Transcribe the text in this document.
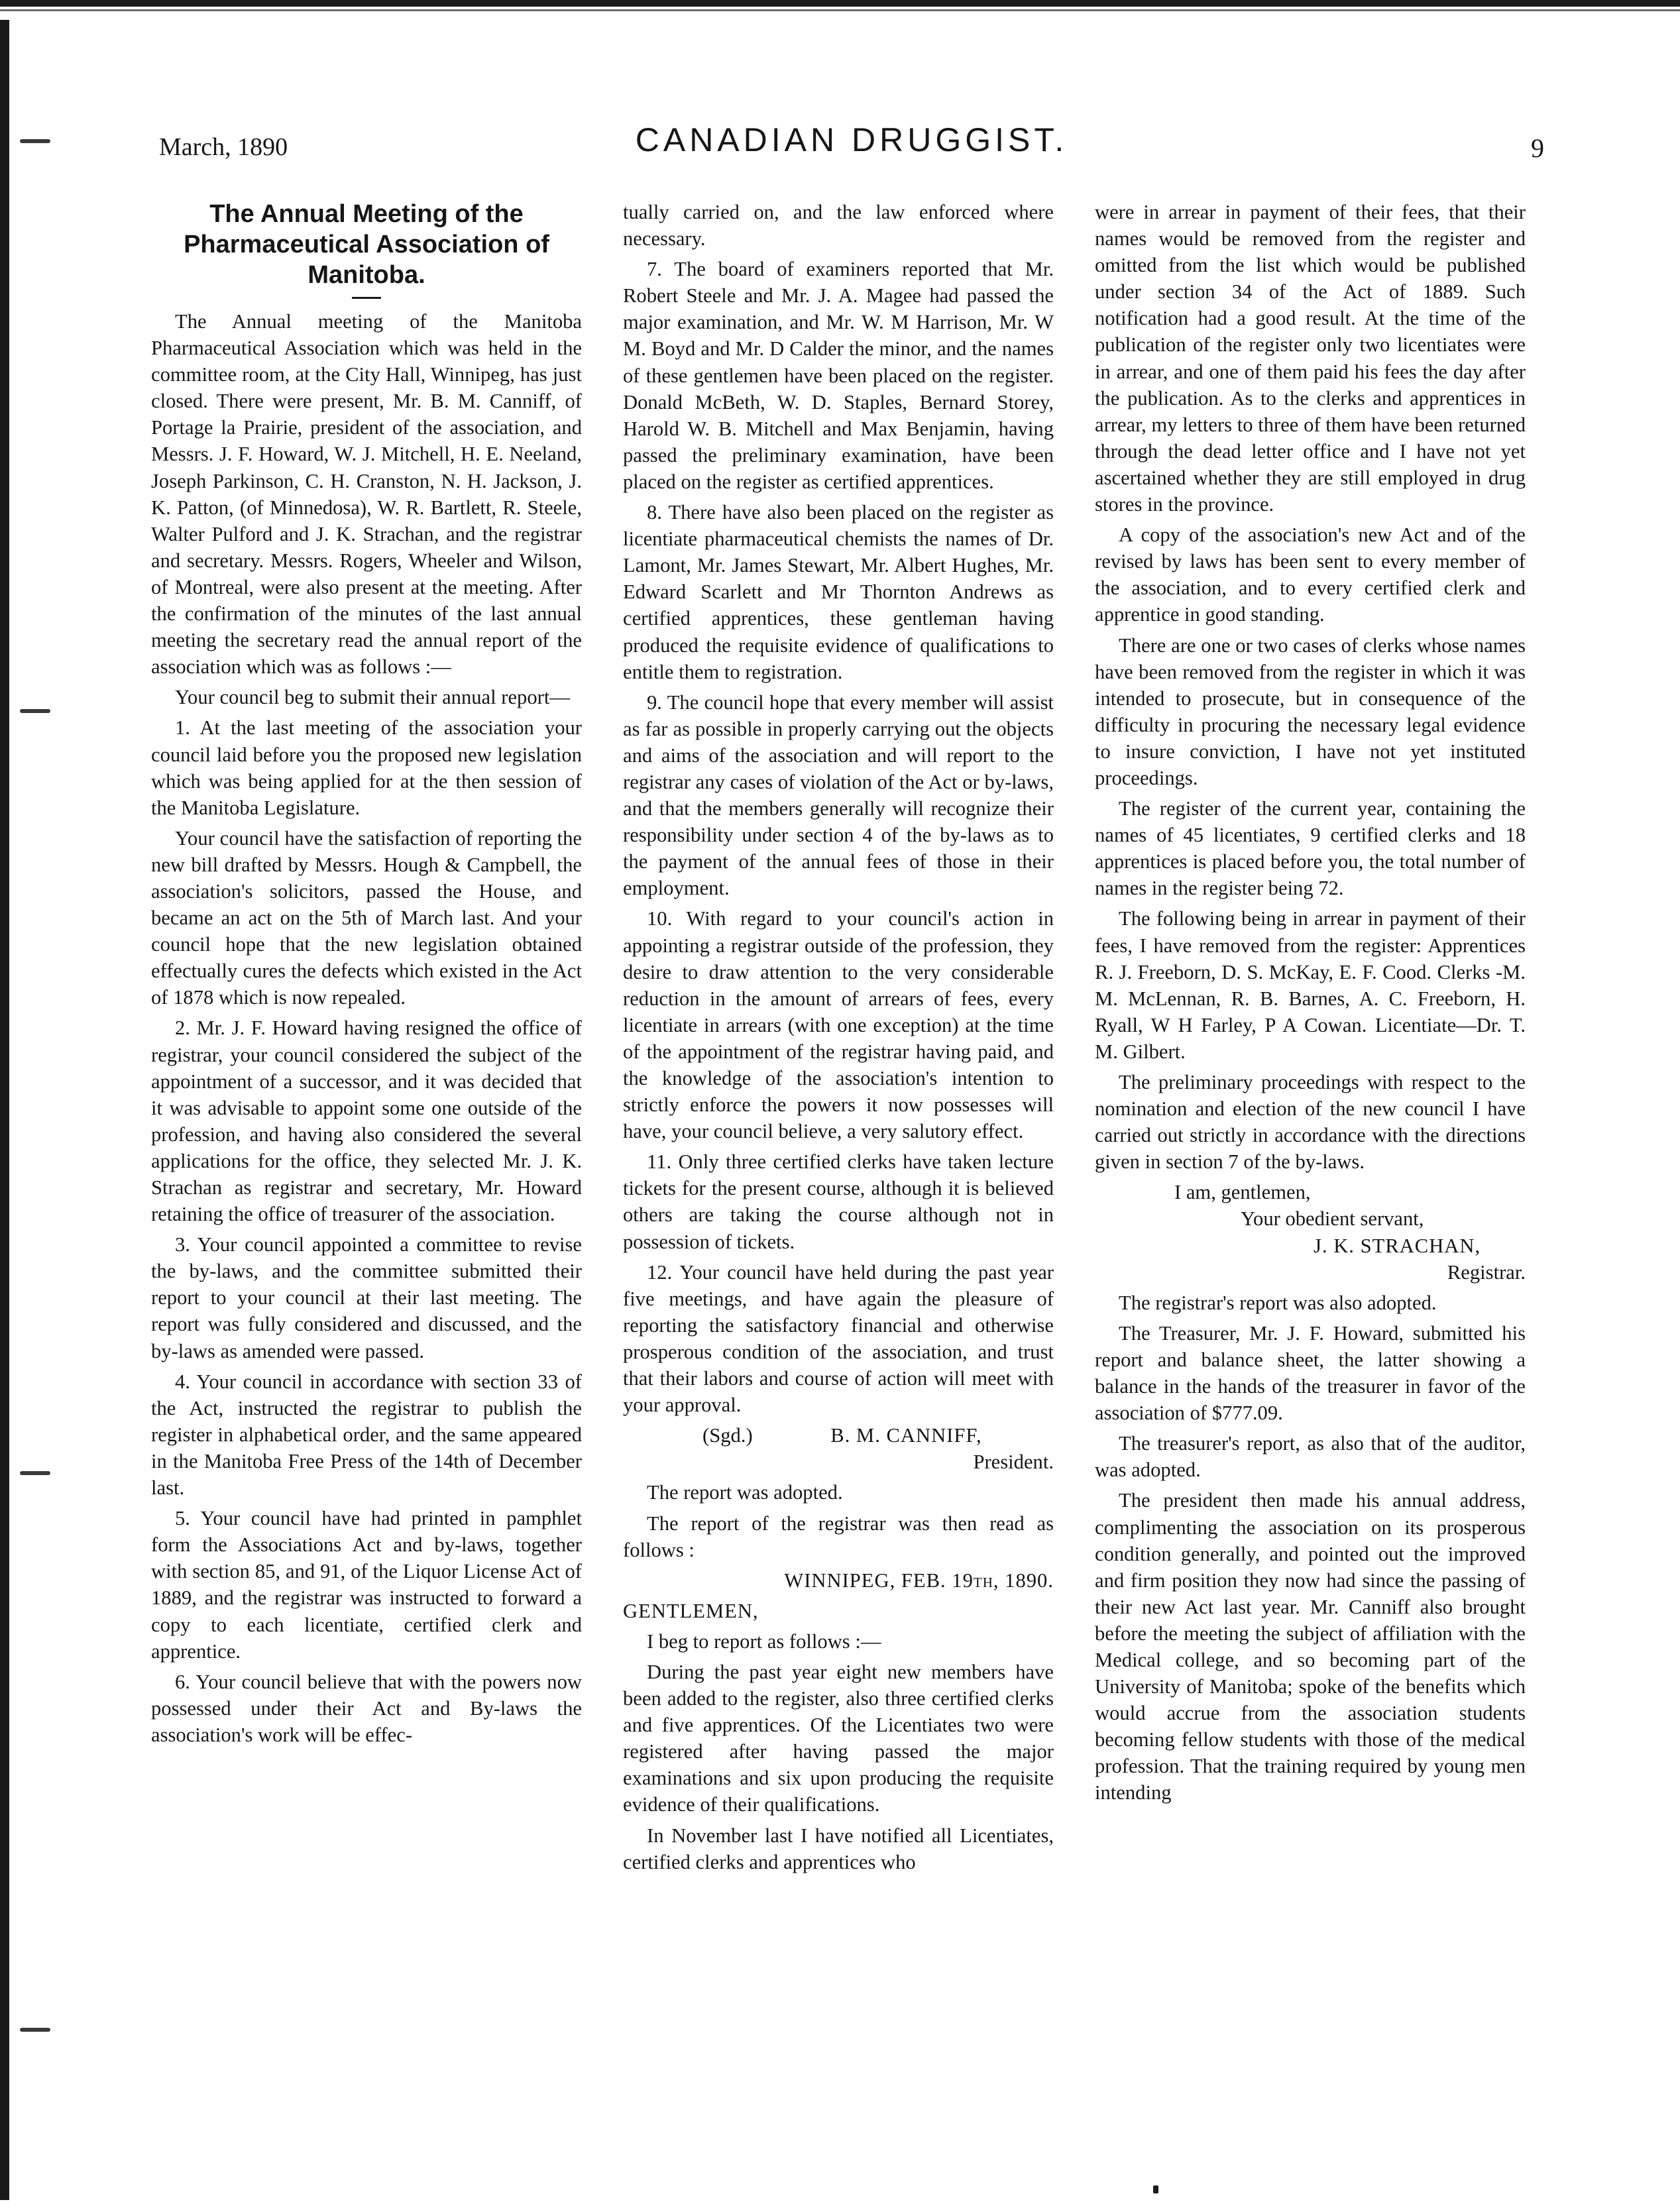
March, 1890	CANADIAN DRUGGIST.	9
The Annual Meeting of the Pharmaceutical Association of Manitoba.

The Annual meeting of the Manitoba Pharmaceutical Association which was held in the committee room, at the City Hall, Winnipeg, has just closed. There were present, Mr. B. M. Canniff, of Portage la Prairie, president of the association, and Messrs. J. F. Howard, W. J. Mitchell, H. E. Neeland, Joseph Parkinson, C. H. Cranston, N. H. Jackson, J. K. Patton, (of Minnedosa), W. R. Bartlett, R. Steele, Walter Pulford and J. K. Strachan, and the registrar and secretary. Messrs. Rogers, Wheeler and Wilson, of Montreal, were also present at the meeting. After the confirmation of the minutes of the last annual meeting the secretary read the annual report of the association which was as follows :—

Your council beg to submit their annual report—

1. At the last meeting of the association your council laid before you the proposed new legislation which was being applied for at the then session of the Manitoba Legislature.

Your council have the satisfaction of reporting the new bill drafted by Messrs. Hough & Campbell, the association's solicitors, passed the House, and became an act on the 5th of March last. And your council hope that the new legislation obtained effectually cures the defects which existed in the Act of 1878 which is now repealed.

2. Mr. J. F. Howard having resigned the office of registrar, your council considered the subject of the appointment of a successor, and it was decided that it was advisable to appoint some one outside of the profession, and having also considered the several applications for the office, they selected Mr. J. K. Strachan as registrar and secretary, Mr. Howard retaining the office of treasurer of the association.

3. Your council appointed a committee to revise the by-laws, and the committee submitted their report to your council at their last meeting. The report was fully considered and discussed, and the by-laws as amended were passed.

4. Your council in accordance with section 33 of the Act, instructed the registrar to publish the register in alphabetical order, and the same appeared in the Manitoba Free Press of the 14th of December last.

5. Your council have had printed in pamphlet form the Associations Act and by-laws, together with section 85, and 91, of the Liquor License Act of 1889, and the registrar was instructed to forward a copy to each licentiate, certified clerk and apprentice.

6. Your council believe that with the powers now possessed under their Act and By-laws the association's work will be effec-

tually carried on, and the law enforced where necessary.

7. The board of examiners reported that Mr. Robert Steele and Mr. J. A. Magee had passed the major examination, and Mr. W. M Harrison, Mr. W M. Boyd and Mr. D Calder the minor, and the names of these gentlemen have been placed on the register. Donald McBeth, W. D. Staples, Bernard Storey, Harold W. B. Mitchell and Max Benjamin, having passed the preliminary examination, have been placed on the register as certified apprentices.

8. There have also been placed on the register as licentiate pharmaceutical chemists the names of Dr. Lamont, Mr. James Stewart, Mr. Albert Hughes, Mr. Edward Scarlett and Mr Thornton Andrews as certified apprentices, these gentleman having produced the requisite evidence of qualifications to entitle them to registration.

9. The council hope that every member will assist as far as possible in properly carrying out the objects and aims of the association and will report to the registrar any cases of violation of the Act or by-laws, and that the members generally will recognize their responsibility under section 4 of the by-laws as to the payment of the annual fees of those in their employment.

10. With regard to your council's action in appointing a registrar outside of the profession, they desire to draw attention to the very considerable reduction in the amount of arrears of fees, every licentiate in arrears (with one exception) at the time of the appointment of the registrar having paid, and the knowledge of the association's intention to strictly enforce the powers it now possesses will have, your council believe, a very salutory effect.

11. Only three certified clerks have taken lecture tickets for the present course, although it is believed others are taking the course although not in possession of tickets.

12. Your council have held during the past year five meetings, and have again the pleasure of reporting the satisfactory financial and otherwise prosperous condition of the association, and trust that their labors and course of action will meet with your approval.

(Sgd.)	B. M. CANNIFF,

President.

The report was adopted.

The report of the registrar was then read as follows :

WINNIPEG, FEB. 19th, 1890.

GENTLEMEN,

I beg to report as follows :—

During the past year eight new members have been added to the register, also three certified clerks and five apprentices. Of the Licentiates two were registered after having passed the major examinations and six upon producing the requisite evidence of their qualifications.

In November last I have notified all Licentiates, certified clerks and apprentices who

were in arrear in payment of their fees, that their names would be removed from the register and omitted from the list which would be published under section 34 of the Act of 1889. Such notification had a good result. At the time of the publication of the register only two licentiates were in arrear, and one of them paid his fees the day after the publication. As to the clerks and apprentices in arrear, my letters to three of them have been returned through the dead letter office and I have not yet ascertained whether they are still employed in drug stores in the province.

A copy of the association's new Act and of the revised by laws has been sent to every member of the association, and to every certified clerk and apprentice in good standing.

There are one or two cases of clerks whose names have been removed from the register in which it was intended to prosecute, but in consequence of the difficulty in procuring the necessary legal evidence to insure conviction, I have not yet instituted proceedings.

The register of the current year, containing the names of 45 licentiates, 9 certified clerks and 18 apprentices is placed before you, the total number of names in the register being 72.

The following being in arrear in payment of their fees, I have removed from the register: Apprentices R. J. Freeborn, D. S. McKay, E. F. Cood. Clerks -M. M. McLennan, R. B. Barnes, A. C. Freeborn, H. Ryall, W H Farley, P A Cowan. Licentiate—Dr. T. M. Gilbert.

The preliminary proceedings with respect to the nomination and election of the new council I have carried out strictly in accordance with the directions given in section 7 of the by-laws.

I am, gentlemen,
Your obedient servant,
J. K. STRACHAN,
Registrar.

The registrar's report was also adopted.

The Treasurer, Mr. J. F. Howard, submitted his report and balance sheet, the latter showing a balance in the hands of the treasurer in favor of the association of $777.09.

The treasurer's report, as also that of the auditor, was adopted.

The president then made his annual address, complimenting the association on its prosperous condition generally, and pointed out the improved and firm position they now had since the passing of their new Act last year. Mr. Canniff also brought before the meeting the subject of affiliation with the Medical college, and so becoming part of the University of Manitoba; spoke of the benefits which would accrue from the association students becoming fellow students with those of the medical profession. That the training required by young men intending
